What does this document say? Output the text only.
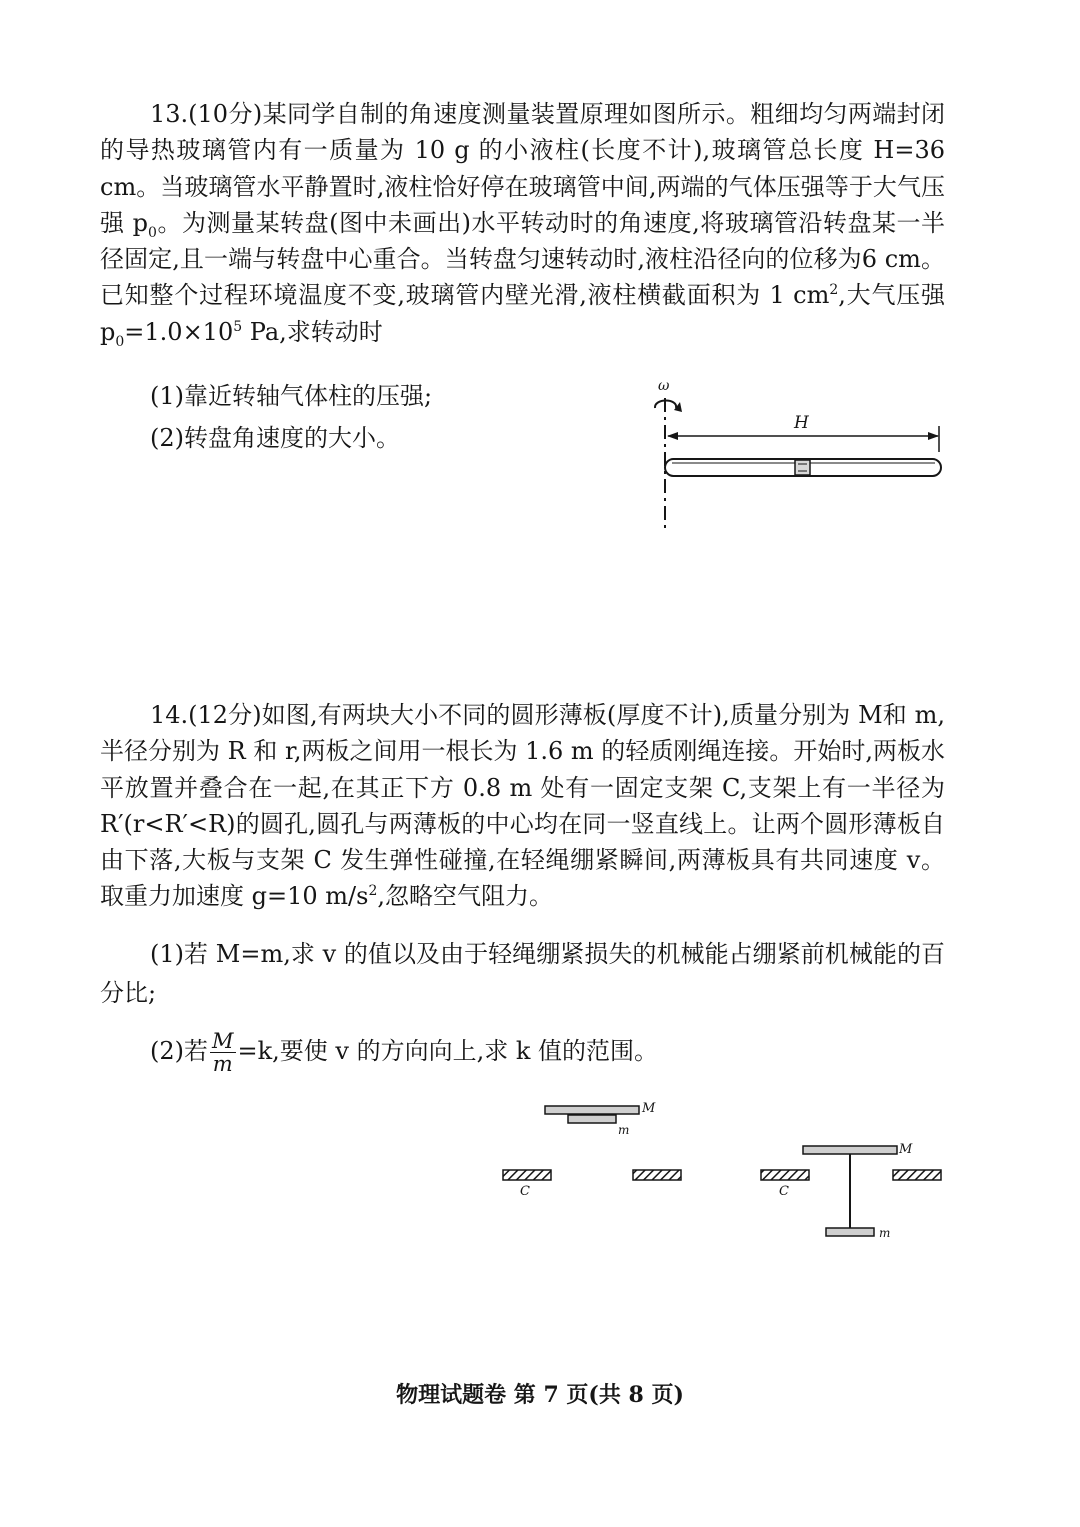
13.(10分)某同学自制的角速度测量装置原理如图所示。粗细均匀两端封闭的导热玻璃管内有一质量为 10 g 的小液柱(长度不计),玻璃管总长度 H=36 cm。当玻璃管水平静置时,液柱恰好停在玻璃管中间,两端的气体压强等于大气压强 $p_0$。为测量某转盘(图中未画出)水平转动时的角速度,将玻璃管沿转盘某一半径固定,且一端与转盘中心重合。当转盘匀速转动时,液柱沿径向的位移为6 cm。已知整个过程环境温度不变,玻璃管内壁光滑,液柱横截面积为 1 $cm^2$,大气压强$p_0=1.0\times 10^5$ Pa,求转动时

(1)靠近转轴气体柱的压强;

(2)转盘角速度的大小。

ω
H

14.(12分)如图,有两块大小不同的圆形薄板(厚度不计),质量分别为 M和 m,半径分别为 R 和 r,两板之间用一根长为 1.6 m 的轻质刚绳连接。开始时,两板水平放置并叠合在一起,在其正下方 0.8 m 处有一固定支架 C,支架上有一半径为 R′(r<R′<R)的圆孔,圆孔与两薄板的中心均在同一竖直线上。让两个圆形薄板自由下落,大板与支架 C 发生弹性碰撞,在轻绳绷紧瞬间,两薄板具有共同速度 v。取重力加速度 g=10 $m/s^2$,忽略空气阻力。

(1)若 M=m,求 v 的值以及由于轻绳绷紧损失的机械能占绷紧前机械能的百分比;

(2)若 $\frac{M}{m} =k$,要使 v 的方向向上,求 k 值的范围。

M
m
C	C
M
m
物理试题卷 第 7 页(共 8 页)
